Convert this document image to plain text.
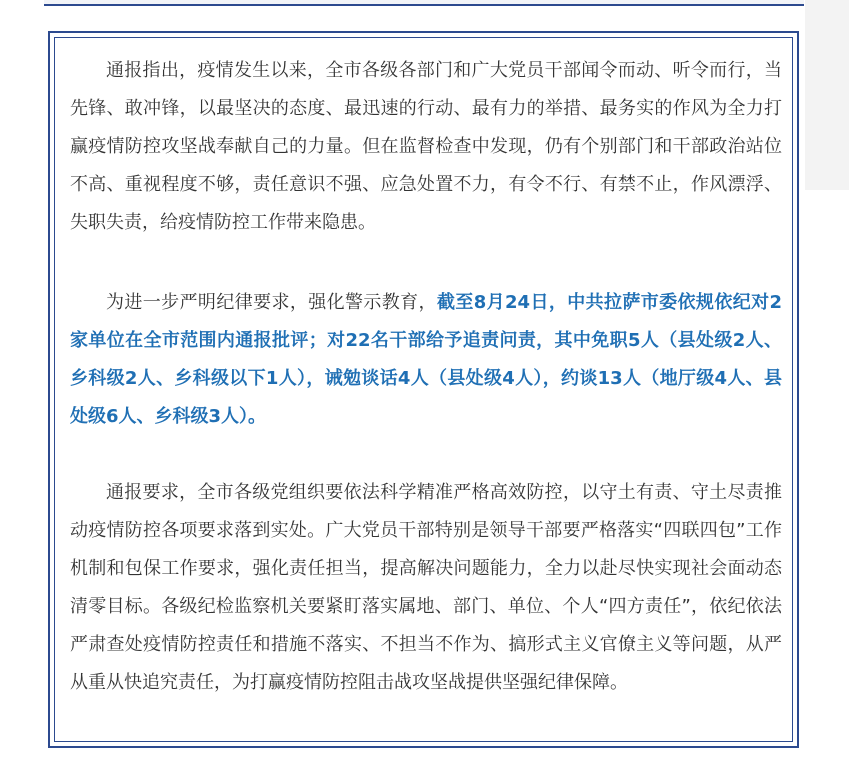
通报指出，疫情发生以来，全市各级各部门和广大党员干部闻令而动、听令而行，当先锋、敢冲锋，以最坚决的态度、最迅速的行动、最有力的举措、最务实的作风为全力打赢疫情防控攻坚战奉献自己的力量。但在监督检查中发现，仍有个别部门和干部政治站位不高、重视程度不够，责任意识不强、应急处置不力，有令不行、有禁不止，作风漂浮、失职失责，给疫情防控工作带来隐患。

为进一步严明纪律要求，强化警示教育，截至8月24日，中共拉萨市委依规依纪对2家单位在全市范围内通报批评；对22名干部给予追责问责，其中免职5人（县处级2人、乡科级2人、乡科级以下1人），诫勉谈话4人（县处级4人），约谈13人（地厅级4人、县处级6人、乡科级3人）。

通报要求，全市各级党组织要依法科学精准严格高效防控，以守土有责、守土尽责推动疫情防控各项要求落到实处。广大党员干部特别是领导干部要严格落实“四联四包”工作机制和包保工作要求，强化责任担当，提高解决问题能力，全力以赴尽快实现社会面动态清零目标。各级纪检监察机关要紧盯落实属地、部门、单位、个人“四方责任”，依纪依法严肃查处疫情防控责任和措施不落实、不担当不作为、搞形式主义官僚主义等问题，从严从重从快追究责任，为打赢疫情防控阻击战攻坚战提供坚强纪律保障。
